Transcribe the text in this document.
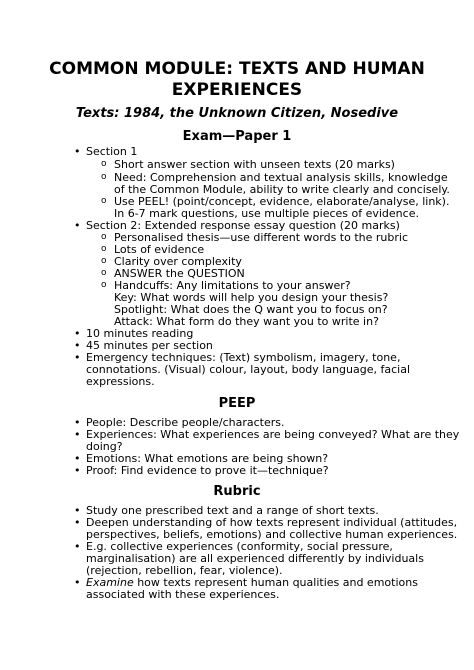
COMMON MODULE: TEXTS AND HUMAN
EXPERIENCES
Texts: 1984, the Unknown Citizen, Nosedive
Exam—Paper 1
• Section 1
o Short answer section with unseen texts (20 marks)
o Need: Comprehension and textual analysis skills, knowledge
of the Common Module, ability to write clearly and concisely.
o Use PEEL! (point/concept, evidence, elaborate/analyse, link).
In 6-7 mark questions, use multiple pieces of evidence.
• Section 2: Extended response essay question (20 marks)
o Personalised thesis—use different words to the rubric
o Lots of evidence
o Clarity over complexity
o ANSWER the QUESTION
o Handcuffs: Any limitations to your answer?
Key: What words will help you design your thesis?
Spotlight: What does the Q want you to focus on?
Attack: What form do they want you to write in?
• 10 minutes reading
• 45 minutes per section
• Emergency techniques: (Text) symbolism, imagery, tone,
connotations. (Visual) colour, layout, body language, facial
expressions.
PEEP
• People: Describe people/characters.
• Experiences: What experiences are being conveyed? What are they
doing?
• Emotions: What emotions are being shown?
• Proof: Find evidence to prove it—technique?
Rubric
• Study one prescribed text and a range of short texts.
• Deepen understanding of how texts represent individual (attitudes,
perspectives, beliefs, emotions) and collective human experiences.
• E.g. collective experiences (conformity, social pressure,
marginalisation) are all experienced differently by individuals
(rejection, rebellion, fear, violence).
• Examine how texts represent human qualities and emotions
associated with these experiences.
